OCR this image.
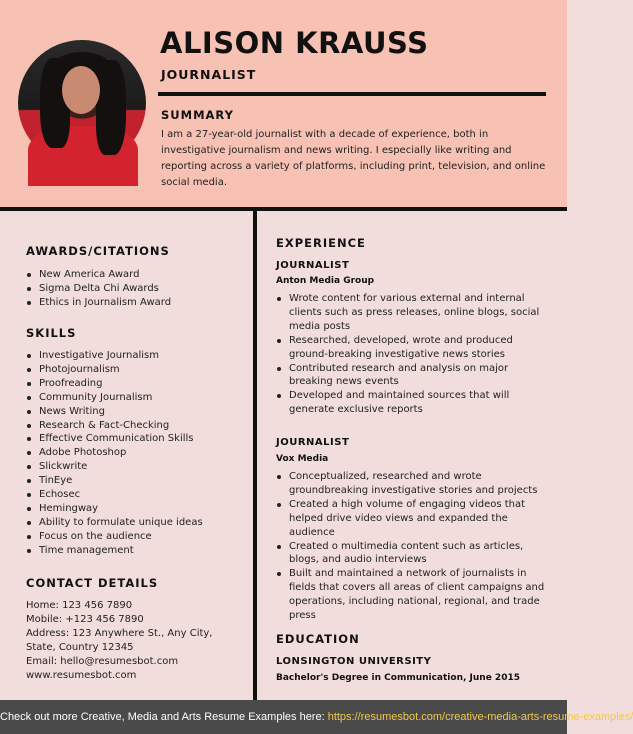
ALISON KRAUSS
JOURNALIST
SUMMARY
I am a 27-year-old journalist with a decade of experience, both in investigative journalism and news writing. I especially like writing and reporting across a variety of platforms, including print, television, and online social media.
AWARDS/CITATIONS
New America Award
Sigma Delta Chi Awards
Ethics in Journalism Award
SKILLS
Investigative Journalism
Photojournalism
Proofreading
Community Journalism
News Writing
Research & Fact-Checking
Effective Communication Skills
Adobe Photoshop
Slickwrite
TinEye
Echosec
Hemingway
Ability to formulate unique ideas
Focus on the audience
Time management
CONTACT DETAILS
Home: 123 456 7890
Mobile: +123 456 7890
Address: 123 Anywhere St., Any City,
State, Country 12345
Email: hello@resumesbot.com
www.resumesbot.com
EXPERIENCE
JOURNALIST
Anton Media Group
Wrote content for various external and internal clients such as press releases, online blogs, social media posts
Researched, developed, wrote and produced ground-breaking investigative news stories
Contributed research and analysis on major breaking news events
Developed and maintained sources that will generate exclusive reports
JOURNALIST
Vox Media
Conceptualized, researched and wrote groundbreaking investigative stories and projects
Created a high volume of engaging videos that helped drive video views and expanded the audience
Created o multimedia content such as articles, blogs, and audio interviews
Built and maintained a network of journalists in fields that covers all areas of client campaigns and operations, including national, regional, and trade press
EDUCATION
LONSINGTON UNIVERSITY
Bachelor's Degree in Communication, June 2015
Check out more Creative, Media and Arts Resume Examples here: https://resumesbot.com/creative-media-arts-resume-examples/
